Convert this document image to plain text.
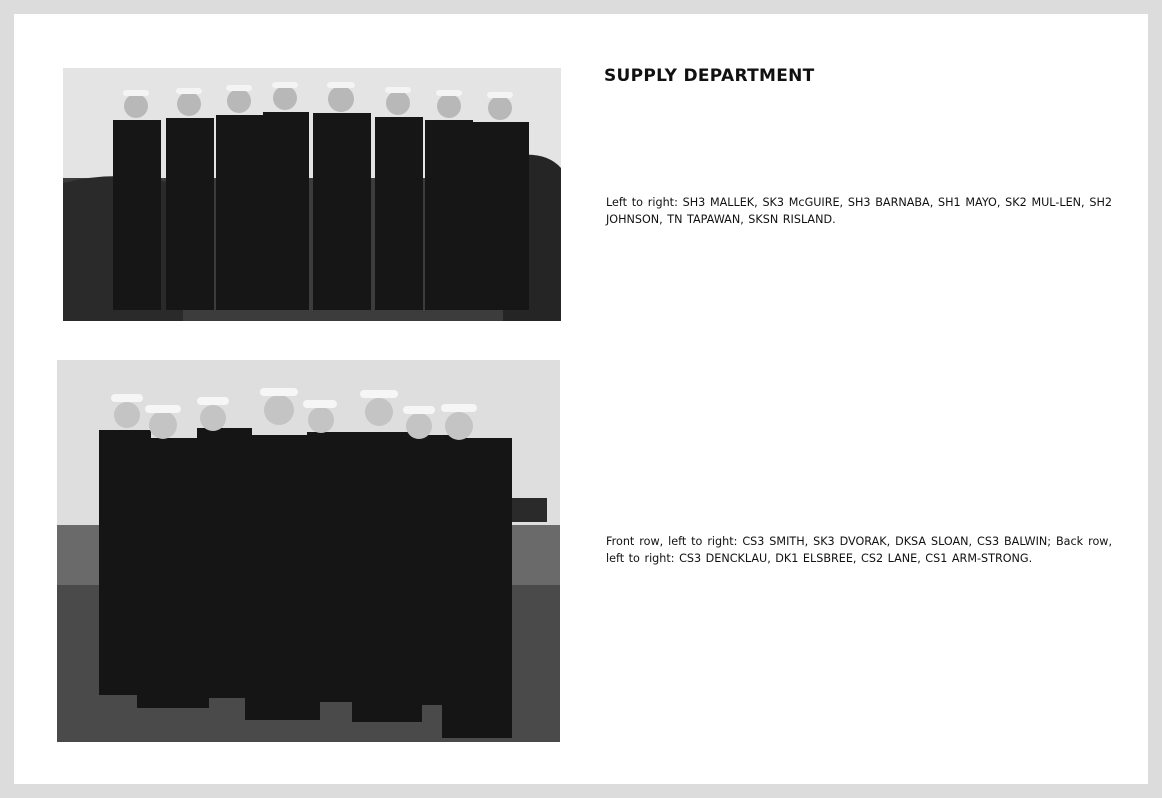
SUPPLY DEPARTMENT

Left to right: SH3 MALLEK, SK3 McGUIRE, SH3 BARNABA, SH1 MAYO, SK2 MUL-LEN, SH2 JOHNSON, TN TAPAWAN, SKSN RISLAND.

Front row, left to right: CS3 SMITH, SK3 DVORAK, DKSA SLOAN, CS3 BALWIN; Back row, left to right: CS3 DENCKLAU, DK1 ELSBREE, CS2 LANE, CS1 ARM-STRONG.
